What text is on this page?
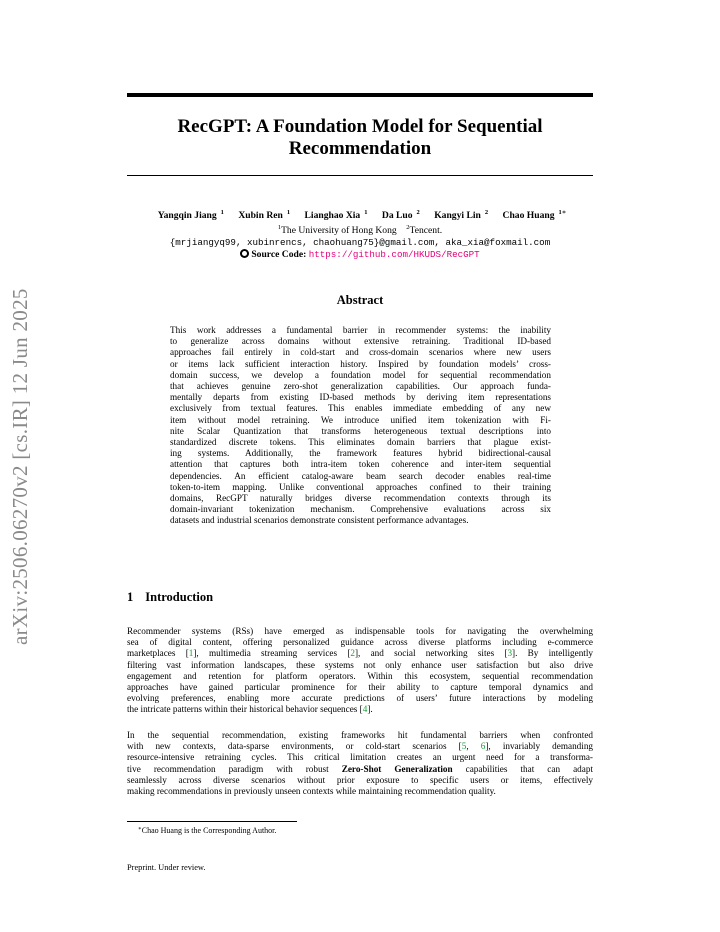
arXiv:2506.06270v2 [cs.IR] 12 Jun 2025
RecGPT: A Foundation Model for Sequential
Recommendation
Yangqin Jiang $^1$ Xubin Ren $^1$ Lianghao Xia $^1$ Da Luo $^2$ Kangyi Lin $^2$ Chao Huang $^{1∗}$
$^1$The University of Hong Kong $^2$Tencent.
{mrjiangyq99, xubinrencs, chaohuang75}@gmail.com, aka_xia@foxmail.com
Source Code: https://github.com/HKUDS/RecGPT
Abstract
This work addresses a fundamental barrier in recommender systems: the inability
to generalize across domains without extensive retraining. Traditional ID-based
approaches fail entirely in cold-start and cross-domain scenarios where new users
or items lack sufficient interaction history. Inspired by foundation models’ cross-
domain success, we develop a foundation model for sequential recommendation
that achieves genuine zero-shot generalization capabilities. Our approach funda-
mentally departs from existing ID-based methods by deriving item representations
exclusively from textual features. This enables immediate embedding of any new
item without model retraining. We introduce unified item tokenization with Fi-
nite Scalar Quantization that transforms heterogeneous textual descriptions into
standardized discrete tokens. This eliminates domain barriers that plague exist-
ing systems. Additionally, the framework features hybrid bidirectional-causal
attention that captures both intra-item token coherence and inter-item sequential
dependencies. An efficient catalog-aware beam search decoder enables real-time
token-to-item mapping. Unlike conventional approaches confined to their training
domains, RecGPT naturally bridges diverse recommendation contexts through its
domain-invariant tokenization mechanism. Comprehensive evaluations across six
datasets and industrial scenarios demonstrate consistent performance advantages.
1 Introduction
Recommender systems (RSs) have emerged as indispensable tools for navigating the overwhelming
sea of digital content, offering personalized guidance across diverse platforms including e-commerce
marketplaces [1], multimedia streaming services [2], and social networking sites [3]. By intelligently
filtering vast information landscapes, these systems not only enhance user satisfaction but also drive
engagement and retention for platform operators. Within this ecosystem, sequential recommendation
approaches have gained particular prominence for their ability to capture temporal dynamics and
evolving preferences, enabling more accurate predictions of users’ future interactions by modeling
the intricate patterns within their historical behavior sequences [4].
In the sequential recommendation, existing frameworks hit fundamental barriers when confronted
with new contexts, data-sparse environments, or cold-start scenarios [5, 6], invariably demanding
resource-intensive retraining cycles. This critical limitation creates an urgent need for a transforma-
tive recommendation paradigm with robust Zero-Shot Generalization capabilities that can adapt
seamlessly across diverse scenarios without prior exposure to specific users or items, effectively
making recommendations in previously unseen contexts while maintaining recommendation quality.
∗Chao Huang is the Corresponding Author.
Preprint. Under review.
